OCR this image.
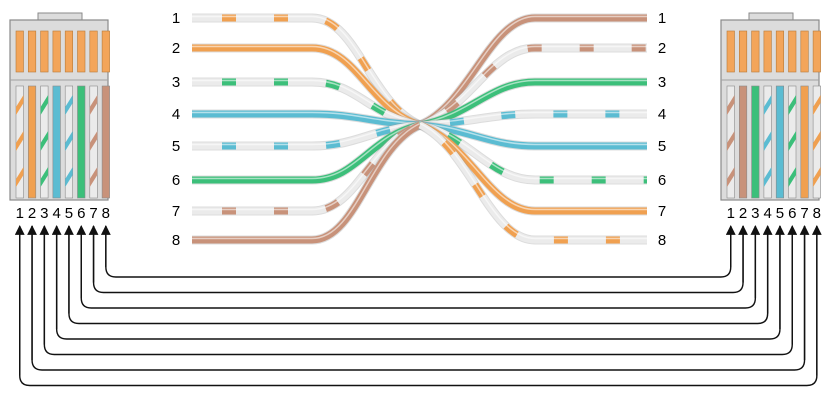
1 2 3 4 5 6 7 8	1 2 3 4 5 6 7 8
1
2
3
4
5
6
7
8
1
2
3
4
5
6
7
8
